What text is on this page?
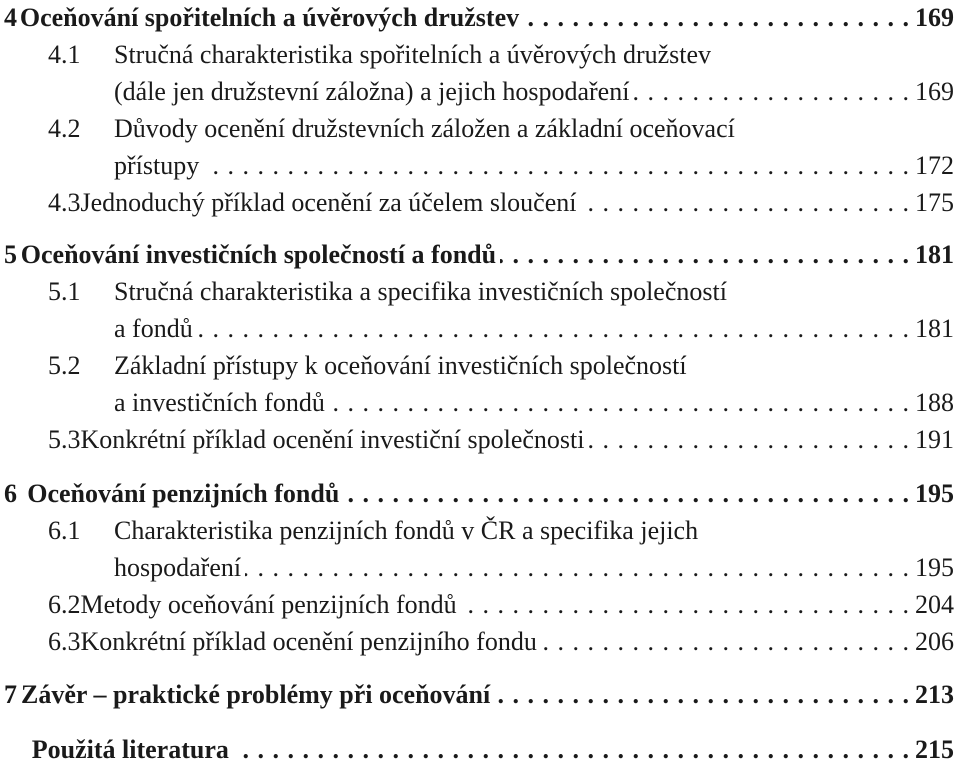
4 Oceňování spořitelních a úvěrových družstev . . .	169
4.1	Stručná charakteristika spořitelních a úvěrových družstev
(dále jen družstevní záložna) a jejich hospodaření . . .	169
4.2	Důvody ocenění družstevních záložen a základní oceňovací
přístupy . . .	172
4.3 Jednoduchý příklad ocenění za účelem sloučení . . .	175
5 Oceňování investičních společností a fondů . . .	181
5.1	Stručná charakteristika a specifika investičních společností
a fondů . . .	181
5.2	Základní přístupy k oceňování investičních společností
a investičních fondů . . .	188
5.3 Konkrétní příklad ocenění investiční společnosti . . .	191
6 Oceňování penzijních fondů . . .	195
6.1	Charakteristika penzijních fondů v ČR a specifika jejich
hospodaření . . .	195
6.2 Metody oceňování penzijních fondů . . .	204
6.3 Konkrétní příklad ocenění penzijního fondu . . .	206
7 Závěr – praktické problémy při oceňování . . .	213
Použitá literatura . . .	215
